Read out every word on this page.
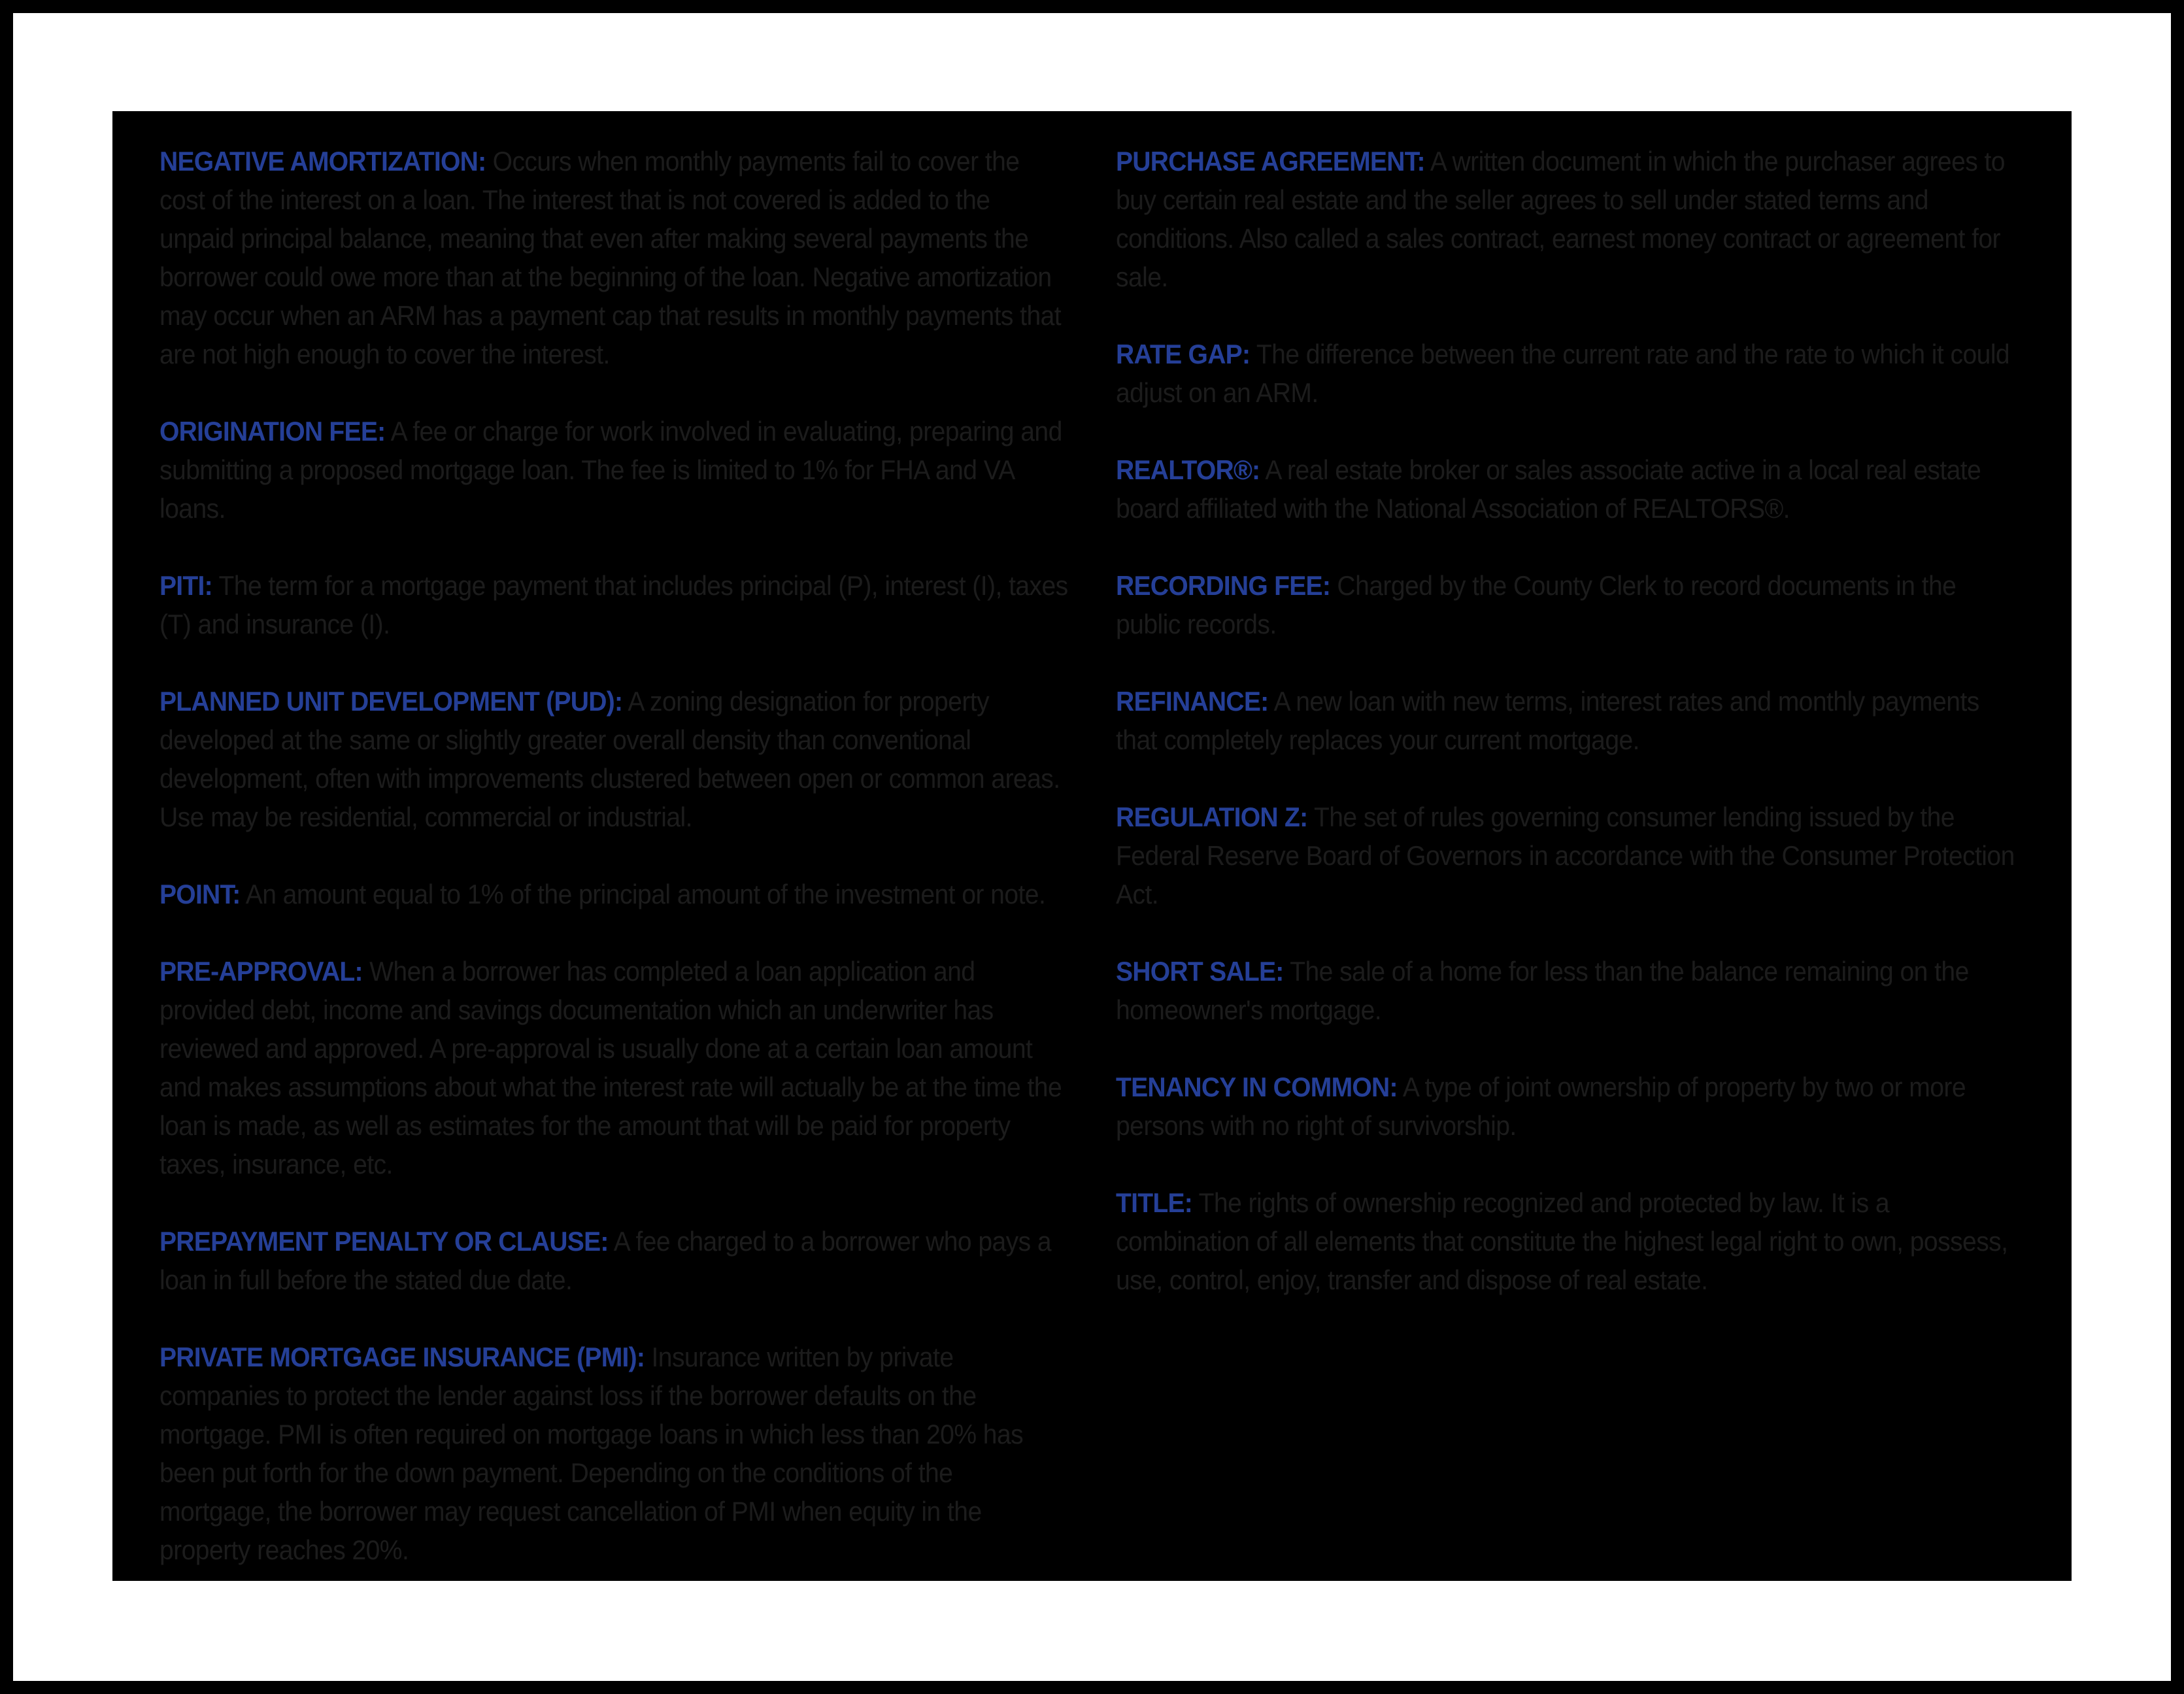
NEGATIVE AMORTIZATION: Occurs when monthly payments fail to cover the cost of the interest on a loan. The interest that is not covered is added to the unpaid principal balance, meaning that even after making several payments the borrower could owe more than at the beginning of the loan. Negative amortization may occur when an ARM has a payment cap that results in monthly payments that are not high enough to cover the interest.

ORIGINATION FEE: A fee or charge for work involved in evaluating, preparing and submitting a proposed mortgage loan. The fee is limited to 1% for FHA and VA loans.

PITI: The term for a mortgage payment that includes principal (P), interest (I), taxes (T) and insurance (I).

PLANNED UNIT DEVELOPMENT (PUD): A zoning designation for property developed at the same or slightly greater overall density than conventional development, often with improvements clustered between open or common areas. Use may be residential, commercial or industrial.

POINT: An amount equal to 1% of the principal amount of the investment or note.

PRE-APPROVAL: When a borrower has completed a loan application and provided debt, income and savings documentation which an underwriter has reviewed and approved. A pre-approval is usually done at a certain loan amount and makes assumptions about what the interest rate will actually be at the time the loan is made, as well as estimates for the amount that will be paid for property taxes, insurance, etc.

PREPAYMENT PENALTY OR CLAUSE: A fee charged to a borrower who pays a loan in full before the stated due date.

PRIVATE MORTGAGE INSURANCE (PMI): Insurance written by private companies to protect the lender against loss if the borrower defaults on the mortgage. PMI is often required on mortgage loans in which less than 20% has been put forth for the down payment. Depending on the conditions of the mortgage, the borrower may request cancellation of PMI when equity in the property reaches 20%.

PURCHASE AGREEMENT: A written document in which the purchaser agrees to buy certain real estate and the seller agrees to sell under stated terms and conditions. Also called a sales contract, earnest money contract or agreement for sale.

RATE GAP: The difference between the current rate and the rate to which it could adjust on an ARM.

REALTOR®: A real estate broker or sales associate active in a local real estate board affiliated with the National Association of REALTORS®.

RECORDING FEE: Charged by the County Clerk to record documents in the public records.

REFINANCE: A new loan with new terms, interest rates and monthly payments that completely replaces your current mortgage.

REGULATION Z: The set of rules governing consumer lending issued by the Federal Reserve Board of Governors in accordance with the Consumer Protection Act.

SHORT SALE: The sale of a home for less than the balance remaining on the homeowner's mortgage.

TENANCY IN COMMON: A type of joint ownership of property by two or more persons with no right of survivorship.

TITLE: The rights of ownership recognized and protected by law. It is a combination of all elements that constitute the highest legal right to own, possess, use, control, enjoy, transfer and dispose of real estate.
